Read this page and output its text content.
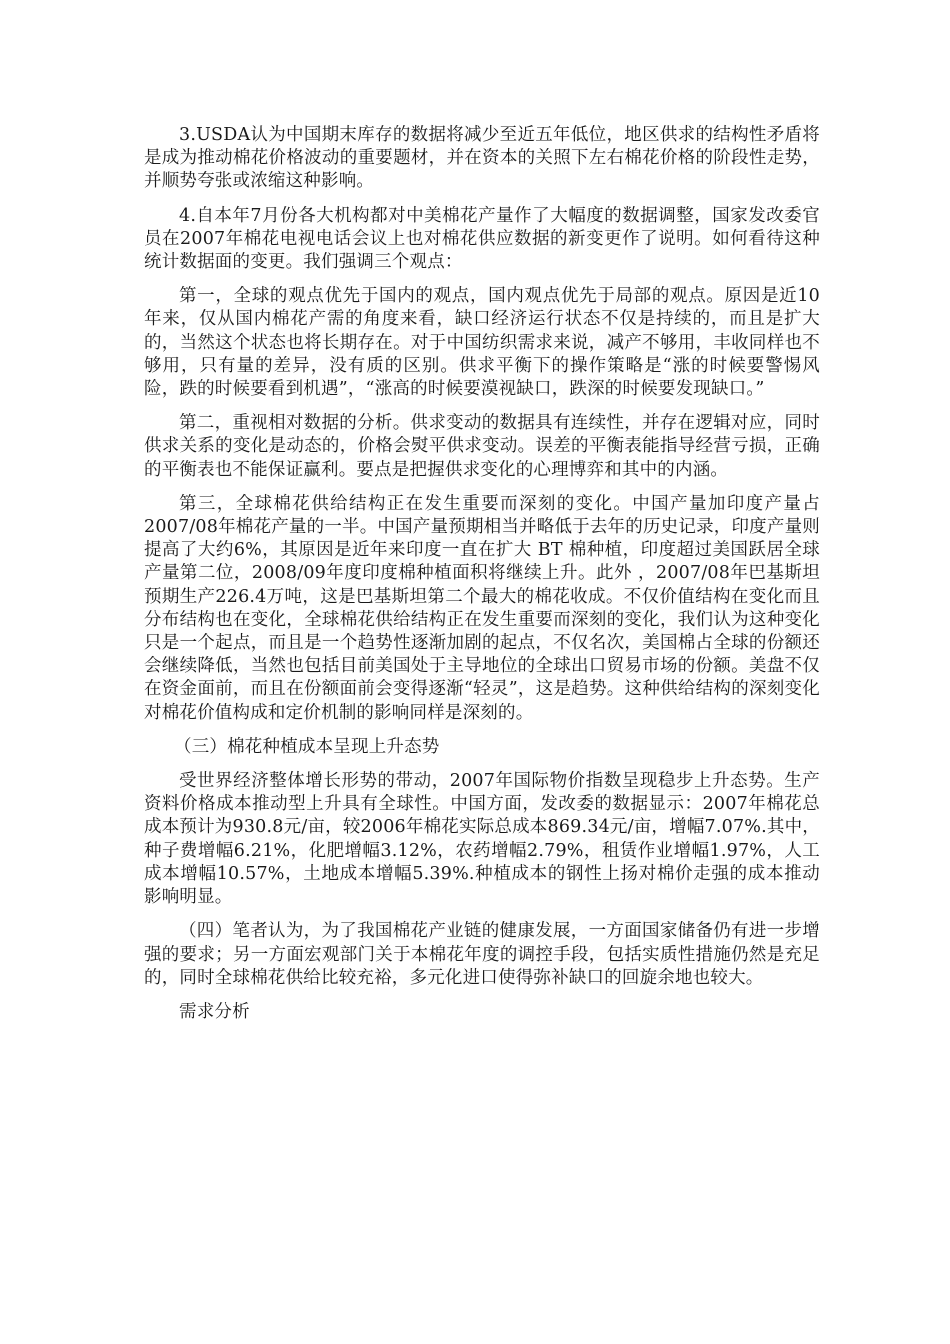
3.USDA认为中国期末库存的数据将减少至近五年低位，地区供求的结构性矛盾将是成为推动棉花价格波动的重要题材，并在资本的关照下左右棉花价格的阶段性走势，并顺势夸张或浓缩这种影响。

4.自本年7月份各大机构都对中美棉花产量作了大幅度的数据调整，国家发改委官员在2007年棉花电视电话会议上也对棉花供应数据的新变更作了说明。如何看待这种统计数据面的变更。我们强调三个观点：

第一，全球的观点优先于国内的观点，国内观点优先于局部的观点。原因是近10年来，仅从国内棉花产需的角度来看，缺口经济运行状态不仅是持续的，而且是扩大的，当然这个状态也将长期存在。对于中国纺织需求来说，减产不够用，丰收同样也不够用，只有量的差异，没有质的区别。供求平衡下的操作策略是“涨的时候要警惕风险，跌的时候要看到机遇”，“涨高的时候要漠视缺口，跌深的时候要发现缺口。”

第二，重视相对数据的分析。供求变动的数据具有连续性，并存在逻辑对应，同时供求关系的变化是动态的，价格会熨平供求变动。误差的平衡表能指导经营亏损，正确的平衡表也不能保证赢利。要点是把握供求变化的心理博弈和其中的内涵。

第三，全球棉花供给结构正在发生重要而深刻的变化。中国产量加印度产量占2007/08年棉花产量的一半。中国产量预期相当并略低于去年的历史记录，印度产量则提高了大约6%，其原因是近年来印度一直在扩大 BT 棉种植，印度超过美国跃居全球产量第二位，2008/09年度印度棉种植面积将继续上升。此外 ，2007/08年巴基斯坦预期生产226.4万吨，这是巴基斯坦第二个最大的棉花收成。不仅价值结构在变化而且分布结构也在变化，全球棉花供给结构正在发生重要而深刻的变化，我们认为这种变化只是一个起点，而且是一个趋势性逐渐加剧的起点，不仅名次，美国棉占全球的份额还会继续降低，当然也包括目前美国处于主导地位的全球出口贸易市场的份额。美盘不仅在资金面前，而且在份额面前会变得逐渐“轻灵”，这是趋势。这种供给结构的深刻变化对棉花价值构成和定价机制的影响同样是深刻的。

（三）棉花种植成本呈现上升态势

受世界经济整体增长形势的带动，2007年国际物价指数呈现稳步上升态势。生产资料价格成本推动型上升具有全球性。中国方面，发改委的数据显示：2007年棉花总成本预计为930.8元/亩，较2006年棉花实际总成本869.34元/亩，增幅7.07%.其中，种子费增幅6.21%，化肥增幅3.12%，农药增幅2.79%，租赁作业增幅1.97%，人工成本增幅10.57%，土地成本增幅5.39%.种植成本的钢性上扬对棉价走强的成本推动影响明显。

（四）笔者认为，为了我国棉花产业链的健康发展，一方面国家储备仍有进一步增强的要求；另一方面宏观部门关于本棉花年度的调控手段，包括实质性措施仍然是充足的，同时全球棉花供给比较充裕，多元化进口使得弥补缺口的回旋余地也较大。

需求分析
